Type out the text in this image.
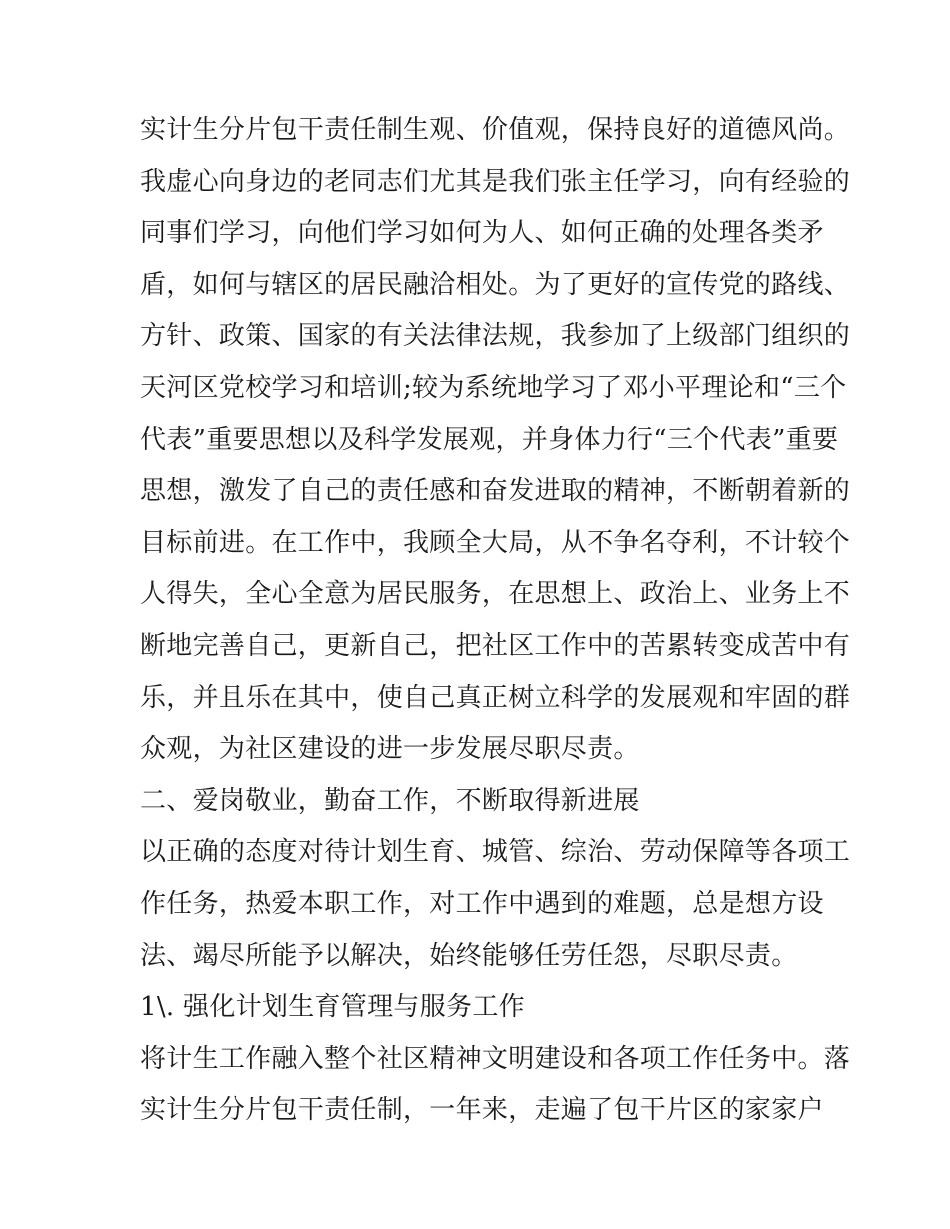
实计生分片包干责任制生观、价值观，保持良好的道德风尚。
我虚心向身边的老同志们尤其是我们张主任学习，向有经验的
同事们学习，向他们学习如何为人、如何正确的处理各类矛
盾，如何与辖区的居民融洽相处。为了更好的宣传党的路线、
方针、政策、国家的有关法律法规，我参加了上级部门组织的
天河区党校学习和培训;较为系统地学习了邓小平理论和“三个
代表”重要思想以及科学发展观，并身体力行“三个代表”重要
思想，激发了自己的责任感和奋发进取的精神，不断朝着新的
目标前进。在工作中，我顾全大局，从不争名夺利，不计较个
人得失，全心全意为居民服务，在思想上、政治上、业务上不
断地完善自己，更新自己，把社区工作中的苦累转变成苦中有
乐，并且乐在其中，使自己真正树立科学的发展观和牢固的群
众观，为社区建设的进一步发展尽职尽责。
二、爱岗敬业，勤奋工作，不断取得新进展
以正确的态度对待计划生育、城管、综治、劳动保障等各项工
作任务，热爱本职工作，对工作中遇到的难题，总是想方设
法、竭尽所能予以解决，始终能够任劳任怨，尽职尽责。
1\. 强化计划生育管理与服务工作
将计生工作融入整个社区精神文明建设和各项工作任务中。落
实计生分片包干责任制，一年来，走遍了包干片区的家家户
